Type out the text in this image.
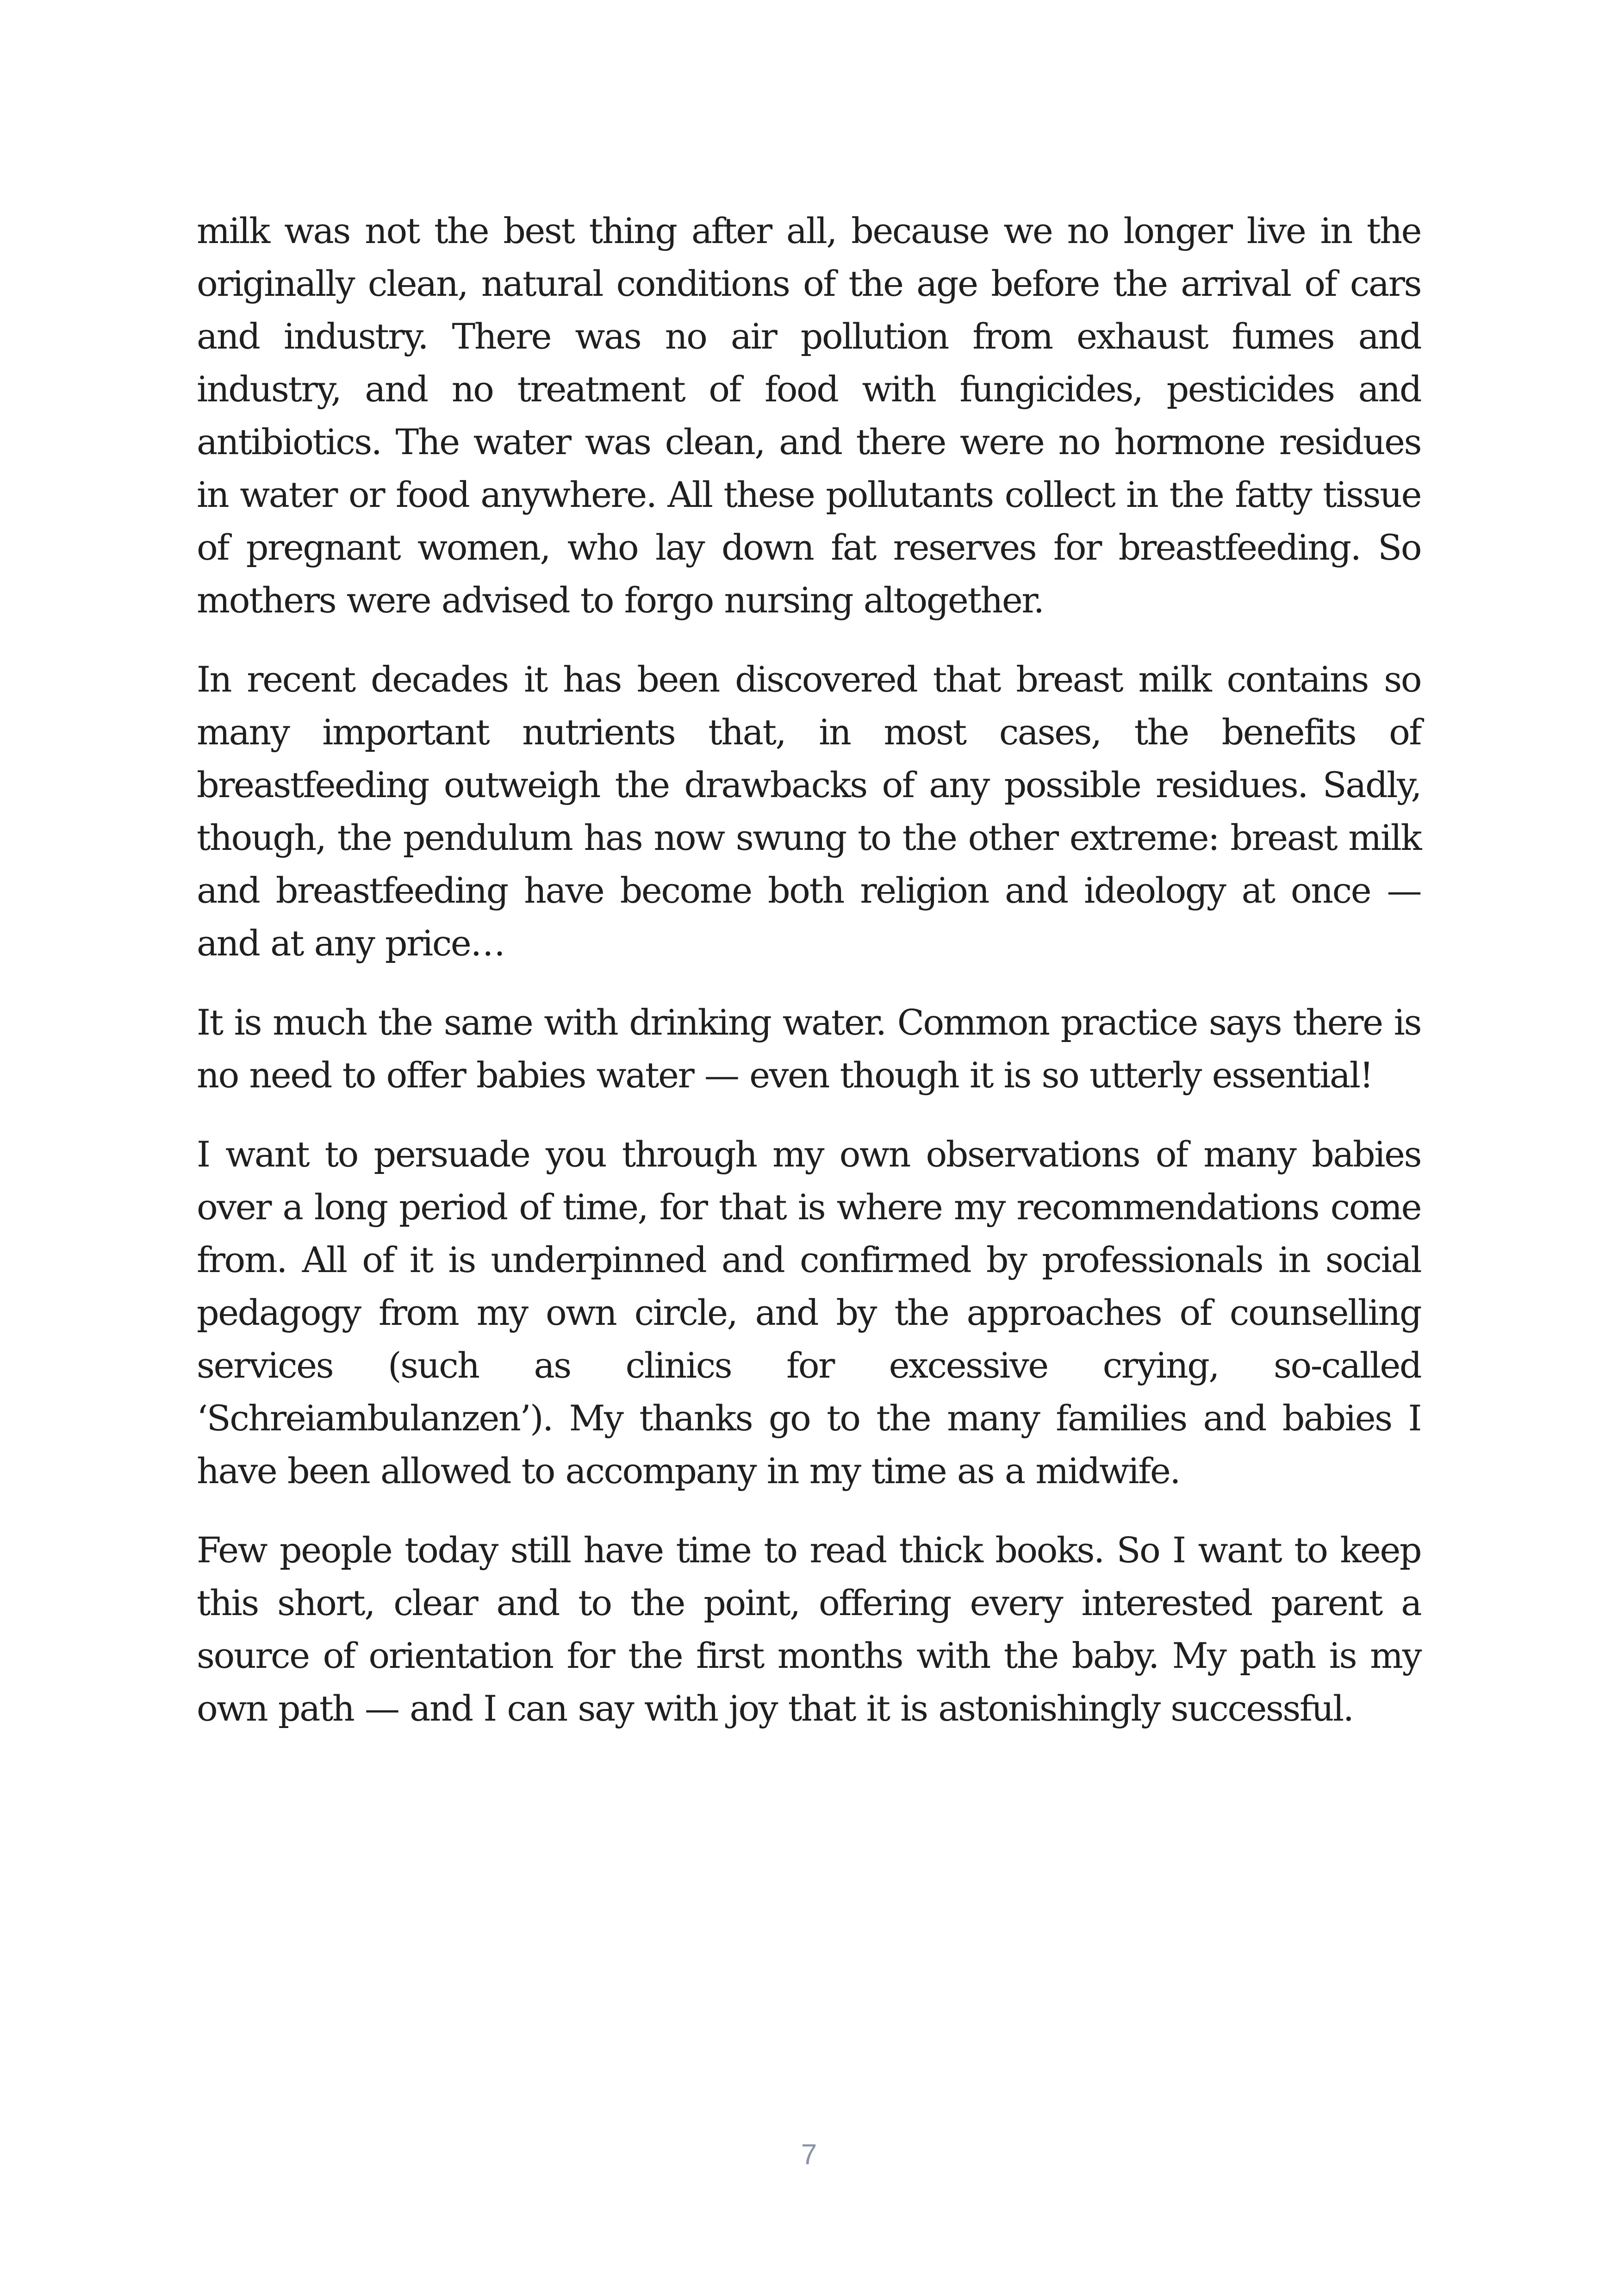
milk was not the best thing after all, because we no longer live in the originally clean, natural conditions of the age before the arrival of cars and industry. There was no air pollution from exhaust fumes and industry, and no treatment of food with fungicides, pesticides and antibiotics. The water was clean, and there were no hormone residues in water or food anywhere. All these pollutants collect in the fatty tissue of pregnant women, who lay down fat reserves for breastfeeding. So mothers were advised to forgo nursing altogether.

In recent decades it has been discovered that breast milk contains so many important nutrients that, in most cases, the benefits of breastfeeding outweigh the drawbacks of any possible residues. Sadly, though, the pendulum has now swung to the other extreme: breast milk and breastfeeding have become both religion and ideology at once — and at any price…

It is much the same with drinking water. Common practice says there is no need to offer babies water — even though it is so utterly essential!

I want to persuade you through my own observations of many babies over a long period of time, for that is where my recommendations come from. All of it is underpinned and confirmed by professionals in social pedagogy from my own circle, and by the approaches of counselling services (such as clinics for excessive crying, so-called ‘Schreiambulanzen’). My thanks go to the many families and babies I have been allowed to accompany in my time as a midwife.

Few people today still have time to read thick books. So I want to keep this short, clear and to the point, offering every interested parent a source of orientation for the first months with the baby. My path is my own path — and I can say with joy that it is astonishingly successful.

7
